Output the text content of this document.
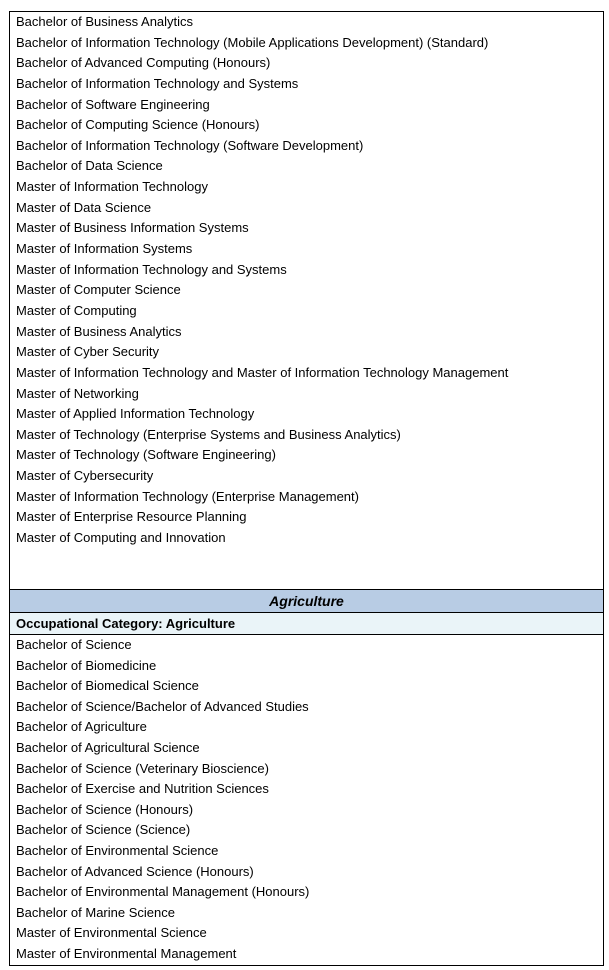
Bachelor of Business Analytics
Bachelor of Information Technology (Mobile Applications Development) (Standard)
Bachelor of Advanced Computing (Honours)
Bachelor of Information Technology and Systems
Bachelor of Software Engineering
Bachelor of Computing Science (Honours)
Bachelor of Information Technology (Software Development)
Bachelor of Data Science
Master of Information Technology
Master of Data Science
Master of Business Information Systems
Master of Information Systems
Master of Information Technology and Systems
Master of Computer Science
Master of Computing
Master of Business Analytics
Master of Cyber Security
Master of Information Technology and Master of Information Technology Management
Master of Networking
Master of Applied Information Technology
Master of Technology (Enterprise Systems and Business Analytics)
Master of Technology (Software Engineering)
Master of Cybersecurity
Master of Information Technology (Enterprise Management)
Master of Enterprise Resource Planning
Master of Computing and Innovation
Agriculture
Occupational Category: Agriculture
Bachelor of Science
Bachelor of Biomedicine
Bachelor of Biomedical Science
Bachelor of Science/Bachelor of Advanced Studies
Bachelor of Agriculture
Bachelor of Agricultural Science
Bachelor of Science (Veterinary Bioscience)
Bachelor of Exercise and Nutrition Sciences
Bachelor of Science (Honours)
Bachelor of Science (Science)
Bachelor of Environmental Science
Bachelor of Advanced Science (Honours)
Bachelor of Environmental Management (Honours)
Bachelor of Marine Science
Master of Environmental Science
Master of Environmental Management
